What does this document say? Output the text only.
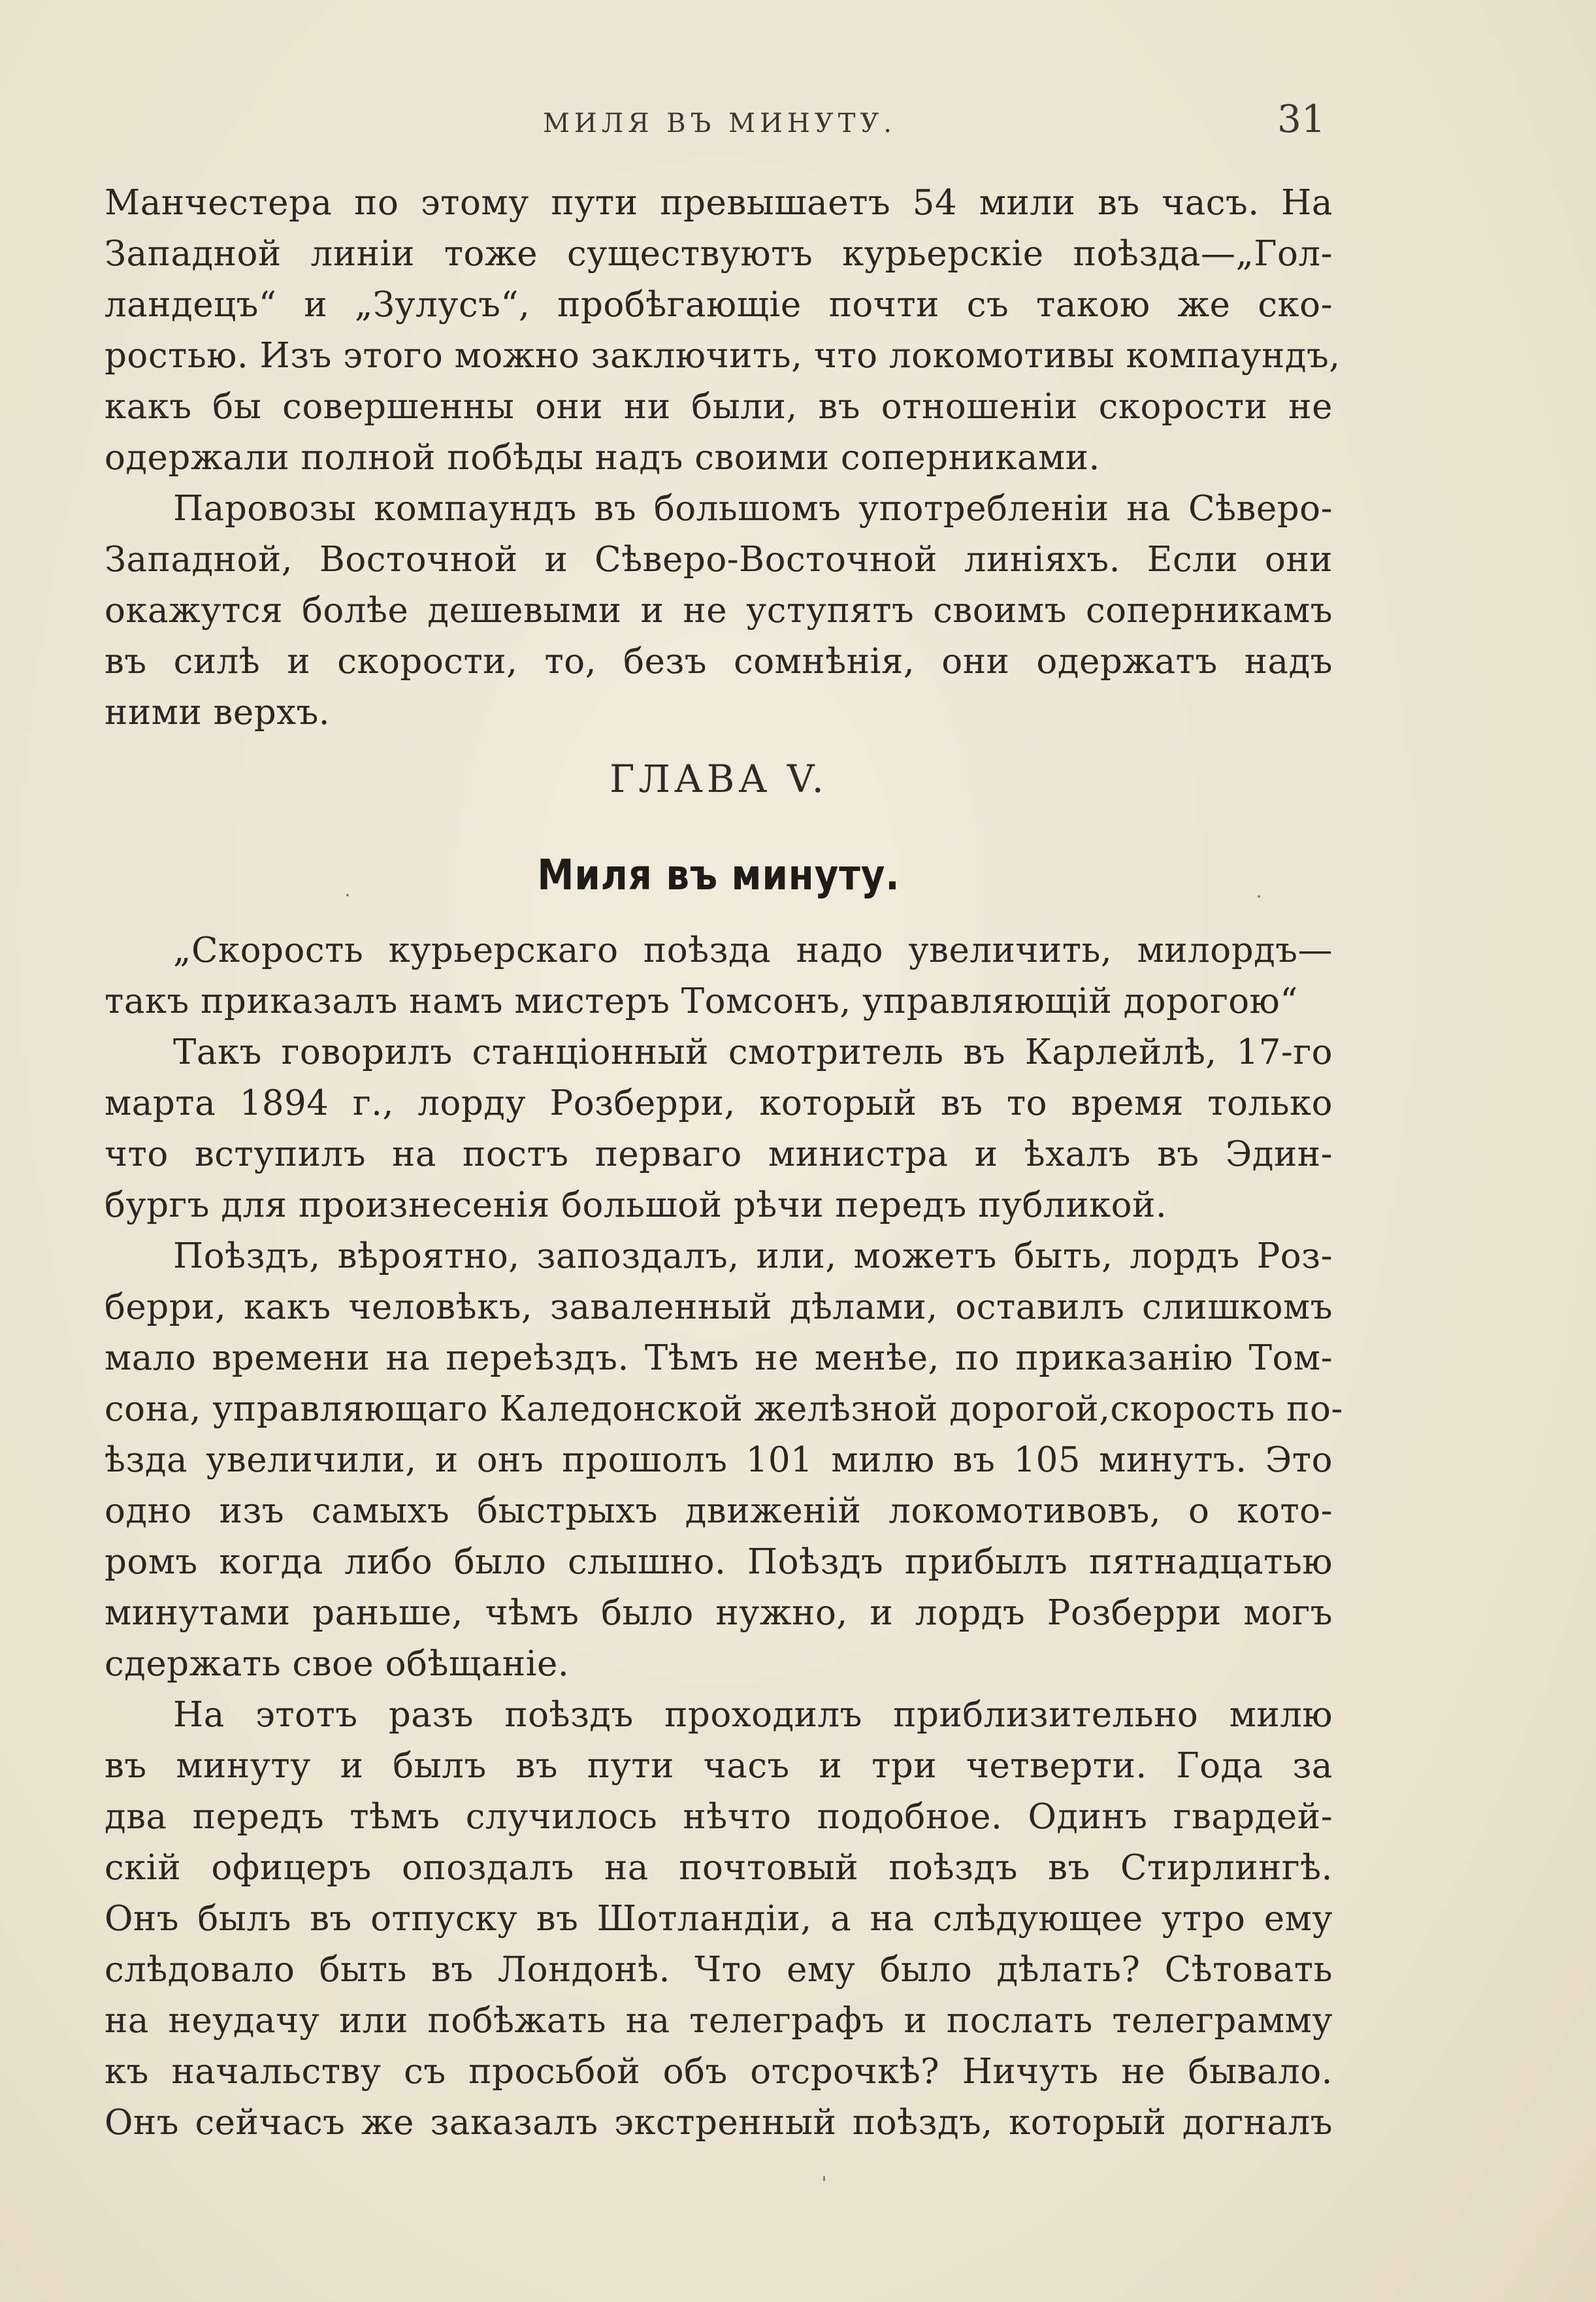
МИЛЯ ВЪ МИНУТУ.	31
Манчестера по этому пути превышаетъ 54 мили въ часъ. На
Западной линіи тоже существуютъ курьерскіе поѣзда—„Гол-
ландецъ“ и „Зулусъ“, пробѣгающіе почти съ такою же ско-
ростью. Изъ этого можно заключить, что локомотивы компаундъ,
какъ бы совершенны они ни были, въ отношеніи скорости не
одержали полной побѣды надъ своими соперниками.
Паровозы компаундъ въ большомъ употребленіи на Сѣверо-
Западной, Восточной и Сѣверо-Восточной линіяхъ. Если они
окажутся болѣе дешевыми и не уступятъ своимъ соперникамъ
въ силѣ и скорости, то, безъ сомнѣнія, они одержатъ надъ
ними верхъ.
ГЛАВА V.
Миля въ минуту.
„Скорость курьерскаго поѣзда надо увеличить, милордъ—
такъ приказалъ намъ мистеръ Томсонъ, управляющій дорогою“
Такъ говорилъ станціонный смотритель въ Карлейлѣ, 17-го
марта 1894 г., лорду Розберри, который въ то время только
что вступилъ на постъ перваго министра и ѣхалъ въ Эдин-
бургъ для произнесенія большой рѣчи передъ публикой.
Поѣздъ, вѣроятно, запоздалъ, или, можетъ быть, лордъ Роз-
берри, какъ человѣкъ, заваленный дѣлами, оставилъ слишкомъ
мало времени на переѣздъ. Тѣмъ не менѣе, по приказанію Том-
сона, управляющаго Каледонской желѣзной дорогой,скорость по-
ѣзда увеличили, и онъ прошолъ 101 милю въ 105 минутъ. Это
одно изъ самыхъ быстрыхъ движеній локомотивовъ, о кото-
ромъ когда либо было слышно. Поѣздъ прибылъ пятнадцатью
минутами раньше, чѣмъ было нужно, и лордъ Розберри могъ
сдержать свое обѣщаніе.
На этотъ разъ поѣздъ проходилъ приблизительно милю
въ минуту и былъ въ пути часъ и три четверти. Года за
два передъ тѣмъ случилось нѣчто подобное. Одинъ гвардей-
скій офицеръ опоздалъ на почтовый поѣздъ въ Стирлингѣ.
Онъ былъ въ отпуску въ Шотландіи, а на слѣдующее утро ему
слѣдовало быть въ Лондонѣ. Что ему было дѣлать? Сѣтовать
на неудачу или побѣжать на телеграфъ и послать телеграмму
къ начальству съ просьбой объ отсрочкѣ? Ничуть не бывало.
Онъ сейчасъ же заказалъ экстренный поѣздъ, который догналъ
